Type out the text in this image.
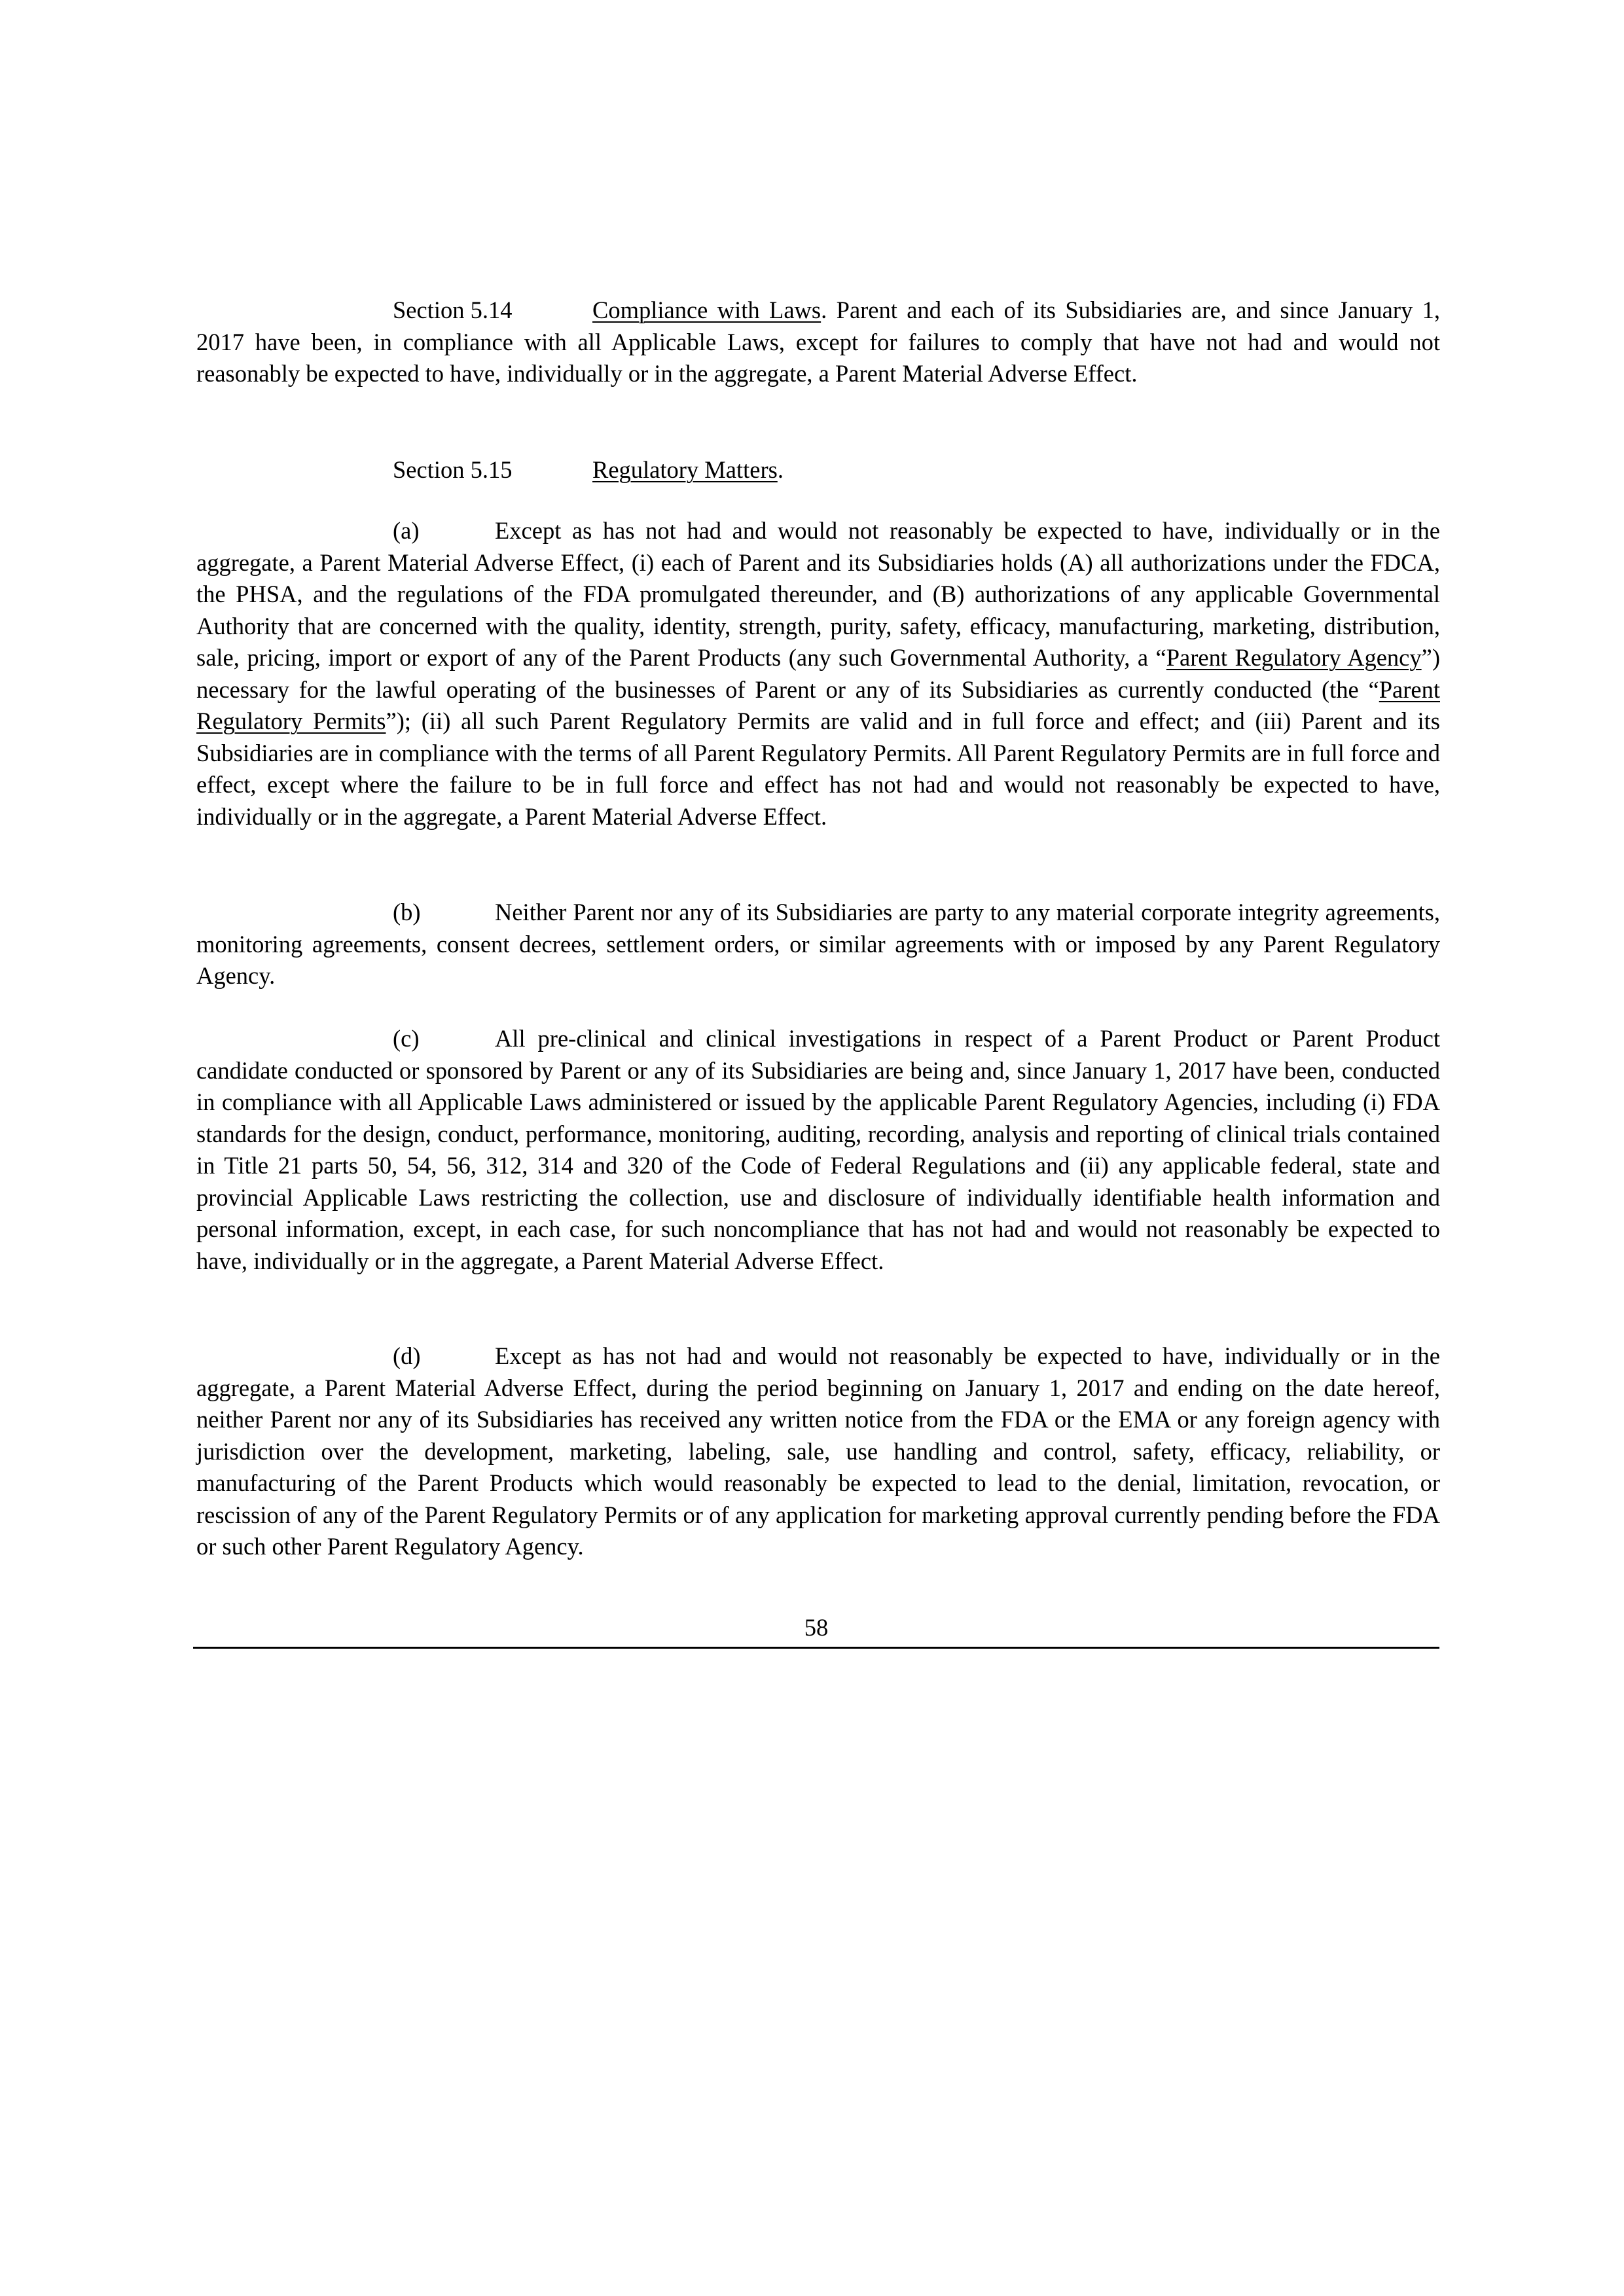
Section 5.14	Compliance with Laws. Parent and each of its Subsidiaries are, and since January 1, 2017 have been, in compliance with all Applicable Laws, except for failures to comply that have not had and would not reasonably be expected to have, individually or in the aggregate, a Parent Material Adverse Effect.

Section 5.15	Regulatory Matters.

(a)	Except as has not had and would not reasonably be expected to have, individually or in the aggregate, a Parent Material Adverse Effect, (i) each of Parent and its Subsidiaries holds (A) all authorizations under the FDCA, the PHSA, and the regulations of the FDA promulgated thereunder, and (B) authorizations of any applicable Governmental Authority that are concerned with the quality, identity, strength, purity, safety, efficacy, manufacturing, marketing, distribution, sale, pricing, import or export of any of the Parent Products (any such Governmental Authority, a “Parent Regulatory Agency”) necessary for the lawful operating of the businesses of Parent or any of its Subsidiaries as currently conducted (the “Parent Regulatory Permits”); (ii) all such Parent Regulatory Permits are valid and in full force and effect; and (iii) Parent and its Subsidiaries are in compliance with the terms of all Parent Regulatory Permits. All Parent Regulatory Permits are in full force and effect, except where the failure to be in full force and effect has not had and would not reasonably be expected to have, individually or in the aggregate, a Parent Material Adverse Effect.

(b)	Neither Parent nor any of its Subsidiaries are party to any material corporate integrity agreements, monitoring agreements, consent decrees, settlement orders, or similar agreements with or imposed by any Parent Regulatory Agency.

(c)	All pre-clinical and clinical investigations in respect of a Parent Product or Parent Product candidate conducted or sponsored by Parent or any of its Subsidiaries are being and, since January 1, 2017 have been, conducted in compliance with all Applicable Laws administered or issued by the applicable Parent Regulatory Agencies, including (i) FDA standards for the design, conduct, performance, monitoring, auditing, recording, analysis and reporting of clinical trials contained in Title 21 parts 50, 54, 56, 312, 314 and 320 of the Code of Federal Regulations and (ii) any applicable federal, state and provincial Applicable Laws restricting the collection, use and disclosure of individually identifiable health information and personal information, except, in each case, for such noncompliance that has not had and would not reasonably be expected to have, individually or in the aggregate, a Parent Material Adverse Effect.

(d)	Except as has not had and would not reasonably be expected to have, individually or in the aggregate, a Parent Material Adverse Effect, during the period beginning on January 1, 2017 and ending on the date hereof, neither Parent nor any of its Subsidiaries has received any written notice from the FDA or the EMA or any foreign agency with jurisdiction over the development, marketing, labeling, sale, use handling and control, safety, efficacy, reliability, or manufacturing of the Parent Products which would reasonably be expected to lead to the denial, limitation, revocation, or rescission of any of the Parent Regulatory Permits or of any application for marketing approval currently pending before the FDA or such other Parent Regulatory Agency.

58
